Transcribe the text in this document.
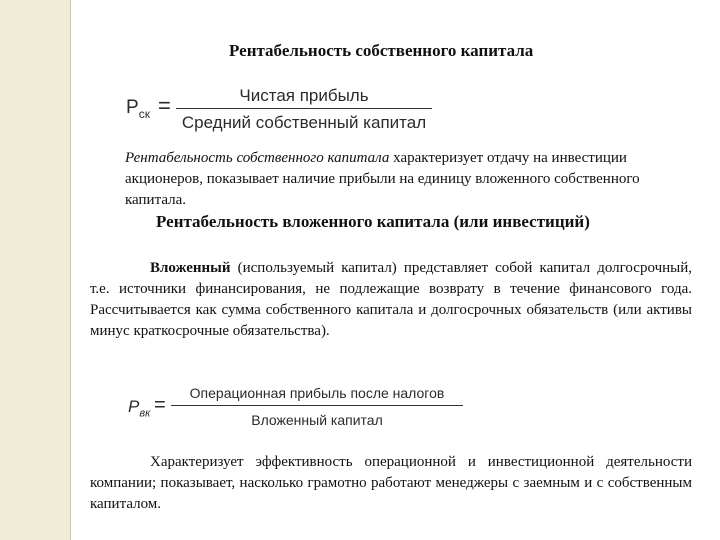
Рентабельность собственного капитала
$Р_{ск}$ =	Чистая прибыль
Средний собственный капитал
Рентабельность собственного капитала характеризует отдачу на инвестиции акционеров, показывает наличие прибыли на единицу вложенного собственного капитала.
Рентабельность вложенного капитала (или инвестиций)
Вложенный (используемый капитал) представляет собой капитал долгосрочный, т.е. источники финансирования, не подлежащие возврату в течение финансового года. Рассчитывается как сумма собственного капитала и долгосрочных обязательств (или активы минус краткосрочные обязательства).
$Р_{вк}$ =
Операционная прибыль после налогов
Вложенный капитал
Характеризует эффективность операционной и инвестиционной деятельности компании; показывает, насколько грамотно работают менеджеры с заемным и с собственным капиталом.
